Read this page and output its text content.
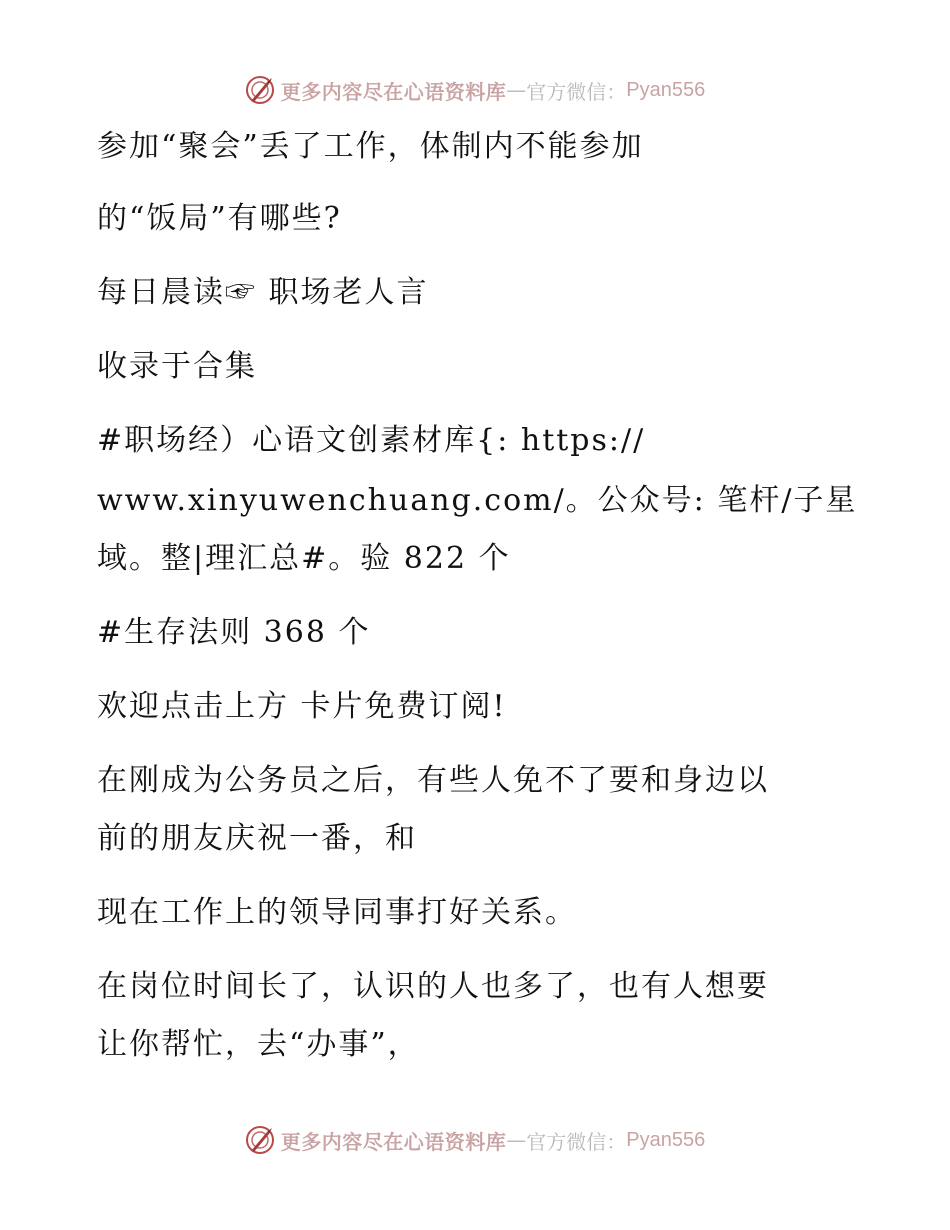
更多内容尽在心语资料库 — 官方微信： Pyan556
参加“聚会”丢了工作，体制内不能参加
的“饭局”有哪些?
每日晨读☞ 职场老人言
收录于合集
#职场经）心语文创素材库{: https://
www.xinyuwenchuang.com/。公众号: 笔杆/子星
域。整|理汇总#。验 822 个
#生存法则 368 个
欢迎点击上方 卡片免费订阅!
在刚成为公务员之后，有些人免不了要和身边以
前的朋友庆祝一番，和
现在工作上的领导同事打好关系。
在岗位时间长了，认识的人也多了，也有人想要
让你帮忙，去“办事”，
更多内容尽在心语资料库 — 官方微信： Pyan556
